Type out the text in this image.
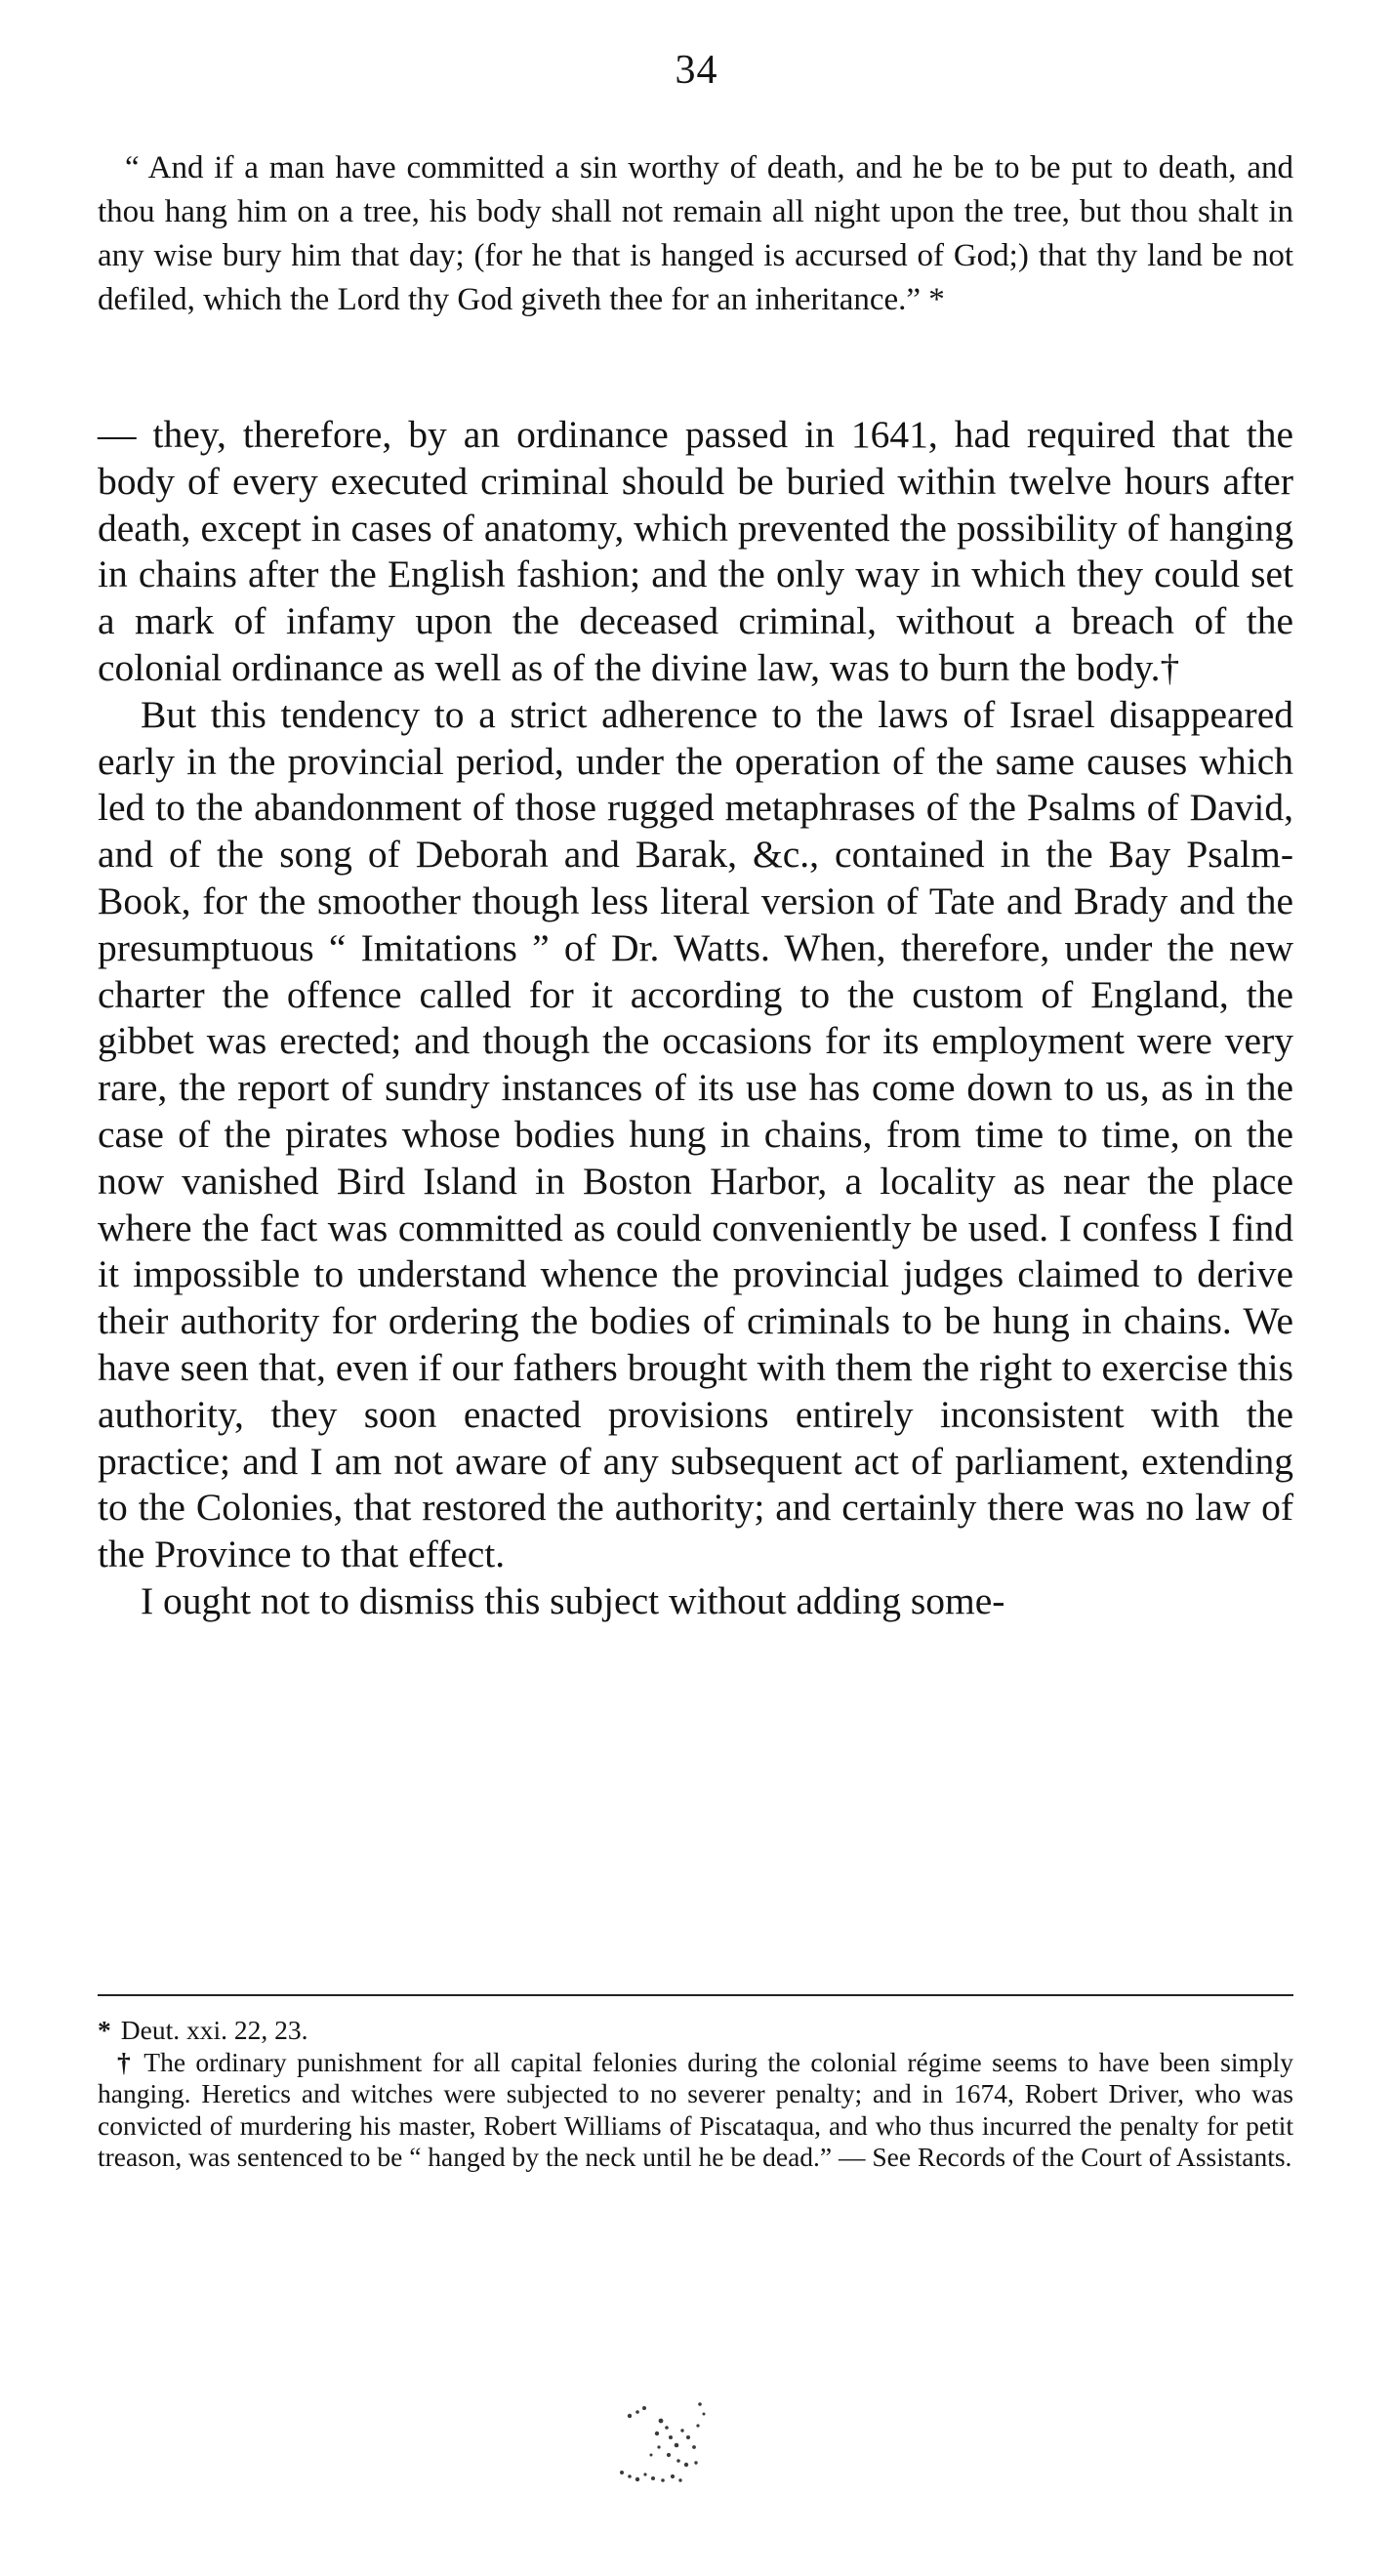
34
“ And if a man have committed a sin worthy of death, and he be to be put to death, and thou hang him on a tree, his body shall not remain all night upon the tree, but thou shalt in any wise bury him that day; (for he that is hanged is accursed of God;) that thy land be not defiled, which the Lord thy God giveth thee for an inheritance.” *

— they, therefore, by an ordinance passed in 1641, had required that the body of every executed criminal should be buried within twelve hours after death, except in cases of anatomy, which prevented the possibility of hanging in chains after the English fashion; and the only way in which they could set a mark of infamy upon the deceased criminal, without a breach of the colonial ordinance as well as of the divine law, was to burn the body.†

But this tendency to a strict adherence to the laws of Israel disappeared early in the provincial period, under the operation of the same causes which led to the abandonment of those rugged metaphrases of the Psalms of David, and of the song of Deborah and Barak, &c., contained in the Bay Psalm-Book, for the smoother though less literal version of Tate and Brady and the presumptuous “ Imitations ” of Dr. Watts. When, therefore, under the new charter the offence called for it according to the custom of England, the gibbet was erected; and though the occasions for its employment were very rare, the report of sundry instances of its use has come down to us, as in the case of the pirates whose bodies hung in chains, from time to time, on the now vanished Bird Island in Boston Harbor, a locality as near the place where the fact was committed as could conveniently be used. I confess I find it impossible to understand whence the provincial judges claimed to derive their authority for ordering the bodies of criminals to be hung in chains. We have seen that, even if our fathers brought with them the right to exercise this authority, they soon enacted provisions entirely inconsistent with the practice; and I am not aware of any subsequent act of parliament, extending to the Colonies, that restored the authority; and certainly there was no law of the Province to that effect.

I ought not to dismiss this subject without adding some-

* Deut. xxi. 22, 23.

† The ordinary punishment for all capital felonies during the colonial régime seems to have been simply hanging. Heretics and witches were subjected to no severer penalty; and in 1674, Robert Driver, who was convicted of murdering his master, Robert Williams of Piscataqua, and who thus incurred the penalty for petit treason, was sentenced to be “ hanged by the neck until he be dead.” — See Records of the Court of Assistants.
